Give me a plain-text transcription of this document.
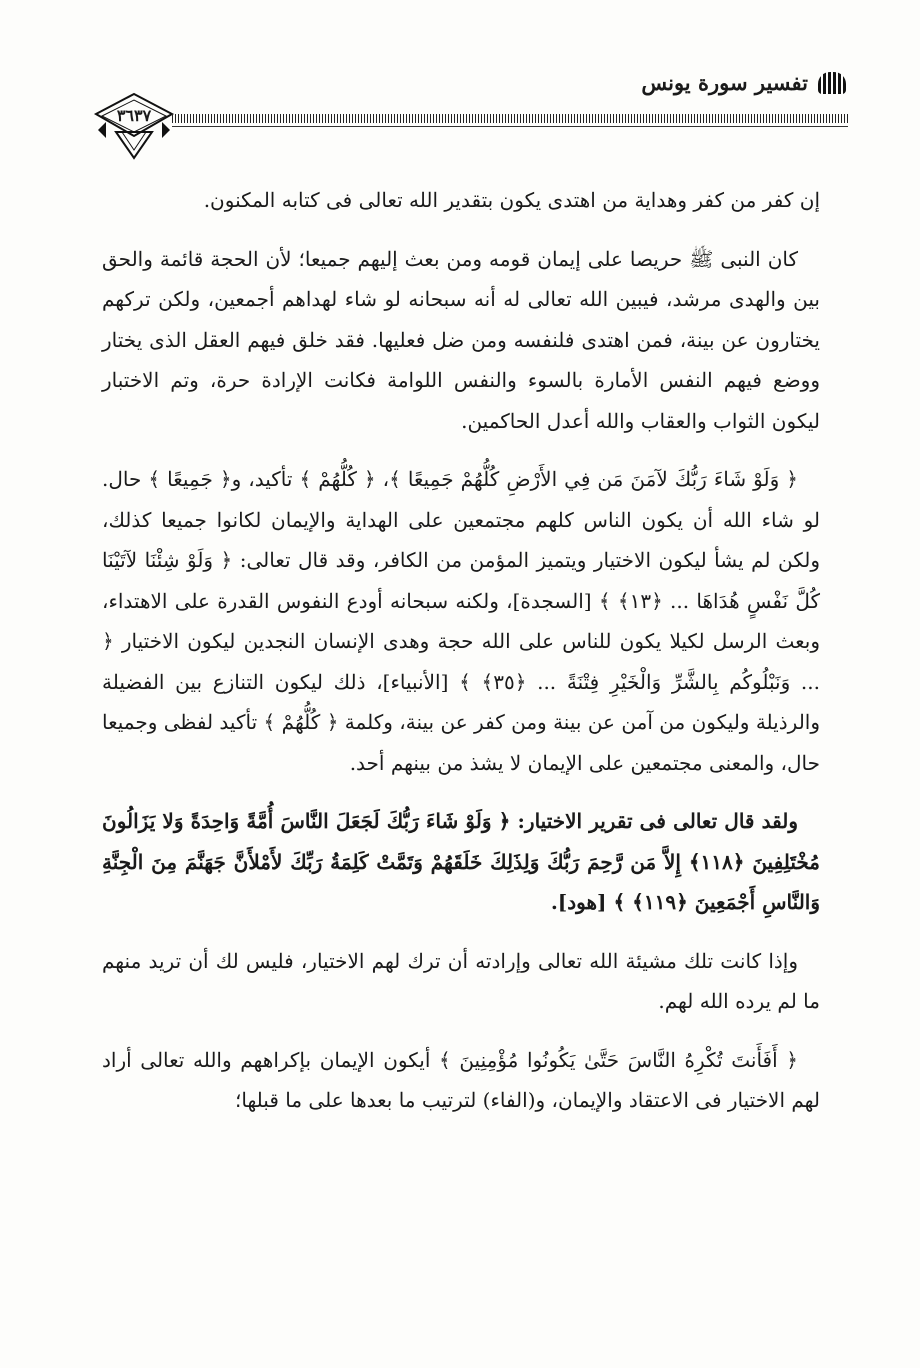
٣٦٣٧
تفسير سورة يونس

إن كفر من كفر وهداية من اهتدى يكون بتقدير الله تعالى فى كتابه المكنون.

كان النبى ﷺ حريصا على إيمان قومه ومن بعث إليهم جميعا؛ لأن الحجة قائمة والحق بين والهدى مرشد، فيبين الله تعالى له أنه سبحانه لو شاء لهداهم أجمعين، ولكن تركهم يختارون عن بينة، فمن اهتدى فلنفسه ومن ضل فعليها. فقد خلق فيهم العقل الذى يختار ووضع فيهم النفس الأمارة بالسوء والنفس اللوامة فكانت الإرادة حرة، وتم الاختبار ليكون الثواب والعقاب والله أعدل الحاكمين.

﴿ وَلَوْ شَاءَ رَبُّكَ لآمَنَ مَن فِي الأَرْضِ كُلُّهُمْ جَمِيعًا ﴾، ﴿ كُلُّهُمْ ﴾ تأكيد، و﴿ جَمِيعًا ﴾ حال. لو شاء الله أن يكون الناس كلهم مجتمعين على الهداية والإيمان لكانوا جميعا كذلك، ولكن لم يشأ ليكون الاختيار ويتميز المؤمن من الكافر، وقد قال تعالى: ﴿ وَلَوْ شِئْنَا لآتَيْنَا كُلَّ نَفْسٍ هُدَاهَا ... ﴿١٣﴾ ﴾ [السجدة]، ولكنه سبحانه أودع النفوس القدرة على الاهتداء، وبعث الرسل لكيلا يكون للناس على الله حجة وهدى الإنسان النجدين ليكون الاختيار ﴿ ... وَنَبْلُوكُم بِالشَّرِّ وَالْخَيْرِ فِتْنَةً ... ﴿٣٥﴾ ﴾ [الأنبياء]، ذلك ليكون التنازع بين الفضيلة والرذيلة وليكون من آمن عن بينة ومن كفر عن بينة، وكلمة ﴿ كُلُّهُمْ ﴾ تأكيد لفظى وجميعا حال، والمعنى مجتمعين على الإيمان لا يشذ من بينهم أحد.

ولقد قال تعالى فى تقرير الاختيار: ﴿ وَلَوْ شَاءَ رَبُّكَ لَجَعَلَ النَّاسَ أُمَّةً وَاحِدَةً وَلا يَزَالُونَ مُخْتَلِفِينَ ﴿١١٨﴾ إِلاَّ مَن رَّحِمَ رَبُّكَ وَلِذَلِكَ خَلَقَهُمْ وَتَمَّتْ كَلِمَةُ رَبِّكَ لأَمْلأَنَّ جَهَنَّمَ مِنَ الْجِنَّةِ وَالنَّاسِ أَجْمَعِينَ ﴿١١٩﴾ ﴾ [هود].

وإذا كانت تلك مشيئة الله تعالى وإرادته أن ترك لهم الاختيار، فليس لك أن تريد منهم ما لم يرده الله لهم.

﴿ أَفَأَنتَ تُكْرِهُ النَّاسَ حَتَّىٰ يَكُونُوا مُؤْمِنِينَ ﴾ أيكون الإيمان بإكراههم والله تعالى أراد لهم الاختيار فى الاعتقاد والإيمان، و(الفاء) لترتيب ما بعدها على ما قبلها؛
